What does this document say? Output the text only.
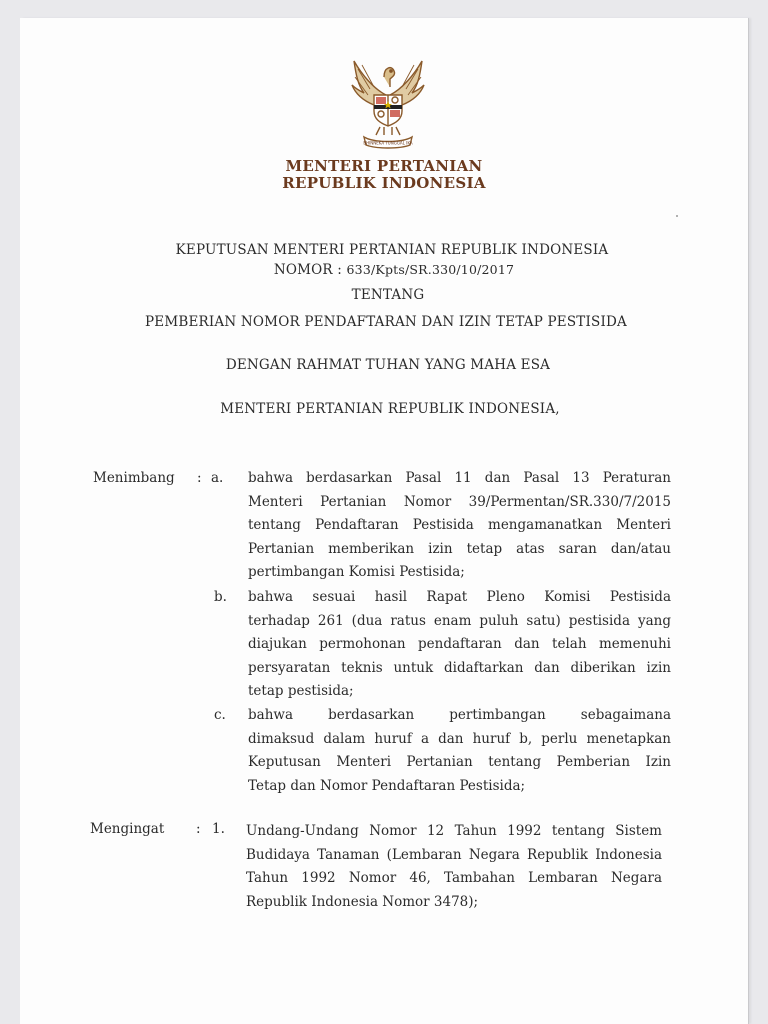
BHINNEKA TUNGGAL IKA
MENTERI PERTANIAN
REPUBLIK INDONESIA
KEPUTUSAN MENTERI PERTANIAN REPUBLIK INDONESIA
NOMOR : 633/Kpts/SR.330/10/2017
TENTANG
PEMBERIAN NOMOR PENDAFTARAN DAN IZIN TETAP PESTISIDA
DENGAN RAHMAT TUHAN YANG MAHA ESA
MENTERI PERTANIAN REPUBLIK INDONESIA,
Menimbang : a. bahwa berdasarkan Pasal 11 dan Pasal 13 Peraturan
Menteri Pertanian Nomor 39/Permentan/SR.330/7/2015
tentang Pendaftaran Pestisida mengamanatkan Menteri
Pertanian memberikan izin tetap atas saran dan/atau
pertimbangan Komisi Pestisida;
b. bahwa sesuai hasil Rapat Pleno Komisi Pestisida
terhadap 261 (dua ratus enam puluh satu) pestisida yang
diajukan permohonan pendaftaran dan telah memenuhi
persyaratan teknis untuk didaftarkan dan diberikan izin
tetap pestisida;
c. bahwa berdasarkan pertimbangan sebagaimana
dimaksud dalam huruf a dan huruf b, perlu menetapkan
Keputusan Menteri Pertanian tentang Pemberian Izin
Tetap dan Nomor Pendaftaran Pestisida;
Mengingat : 1. Undang-Undang Nomor 12 Tahun 1992 tentang Sistem
Budidaya Tanaman (Lembaran Negara Republik Indonesia
Tahun 1992 Nomor 46, Tambahan Lembaran Negara
Republik Indonesia Nomor 3478);
